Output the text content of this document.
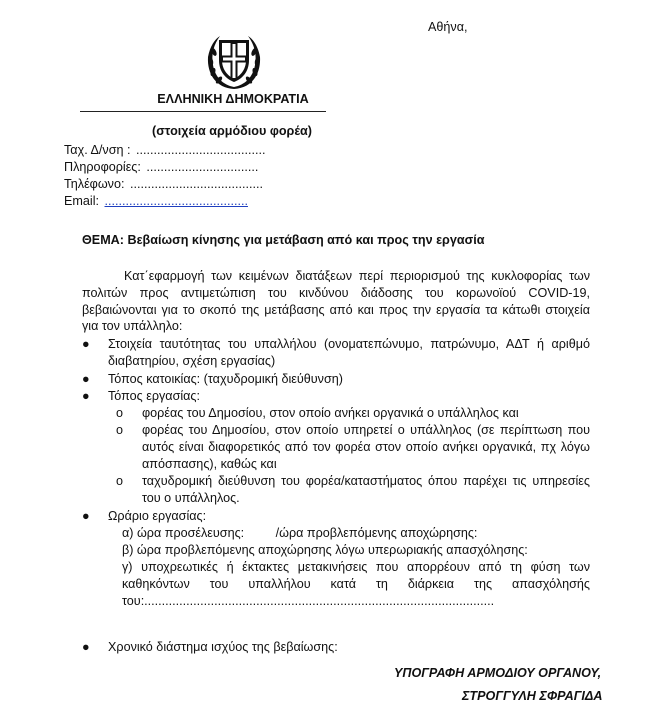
Αθήνα,
ΕΛΛΗΝΙΚΗ ΔΗΜΟΚΡΑΤΙΑ
(στοιχεία αρμόδιου φορέα)
Ταχ. Δ/νση : .....................................
Πληροφορίες: ................................
Τηλέφωνο: ......................................
Email: .........................................
ΘΕΜΑ: Βεβαίωση κίνησης για μετάβαση από και προς την εργασία

Κατ΄εφαρμογή των κειμένων διατάξεων περί περιορισμού της κυκλοφορίας των πολιτών προς αντιμετώπιση του κινδύνου διάδοσης του κορωνοϊού COVID-19, βεβαιώνονται για το σκοπό της μετάβασης από και προς την εργασία τα κάτωθι στοιχεία για τον υπάλληλο:

● Στοιχεία ταυτότητας του υπαλλήλου (ονοματεπώνυμο, πατρώνυμο, ΑΔΤ ή αριθμό διαβατηρίου, σχέση εργασίας)
● Τόπος κατοικίας: (ταχυδρομική διεύθυνση)
● Τόπος εργασίας:
o φορέας του Δημοσίου, στον οποίο ανήκει οργανικά ο υπάλληλος και
o φορέας του Δημοσίου, στον οποίο υπηρετεί ο υπάλληλος (σε περίπτωση που αυτός είναι διαφορετικός από τον φορέα στον οποίο ανήκει οργανικά, πχ λόγω απόσπασης), καθώς και
o ταχυδρομική διεύθυνση του φορέα/καταστήματος όπου παρέχει τις υπηρεσίες του ο υπάλληλος.
● Ωράριο εργασίας:
α) ώρα προσέλευσης:         /ώρα προβλεπόμενης αποχώρησης:
β) ώρα προβλεπόμενης αποχώρησης λόγω υπερωριακής απασχόλησης:
γ) υποχρεωτικές ή έκτακτες μετακινήσεις που απορρέουν από τη φύση των καθηκόντων του υπαλλήλου κατά τη διάρκεια της απασχόλησής του:....................................................................................................
● Χρονικό διάστημα ισχύος της βεβαίωσης:
ΥΠΟΓΡΑΦΗ ΑΡΜΟΔΙΟΥ ΟΡΓΑΝΟΥ,
ΣΤΡΟΓΓΥΛΗ ΣΦΡΑΓΙΔΑ
